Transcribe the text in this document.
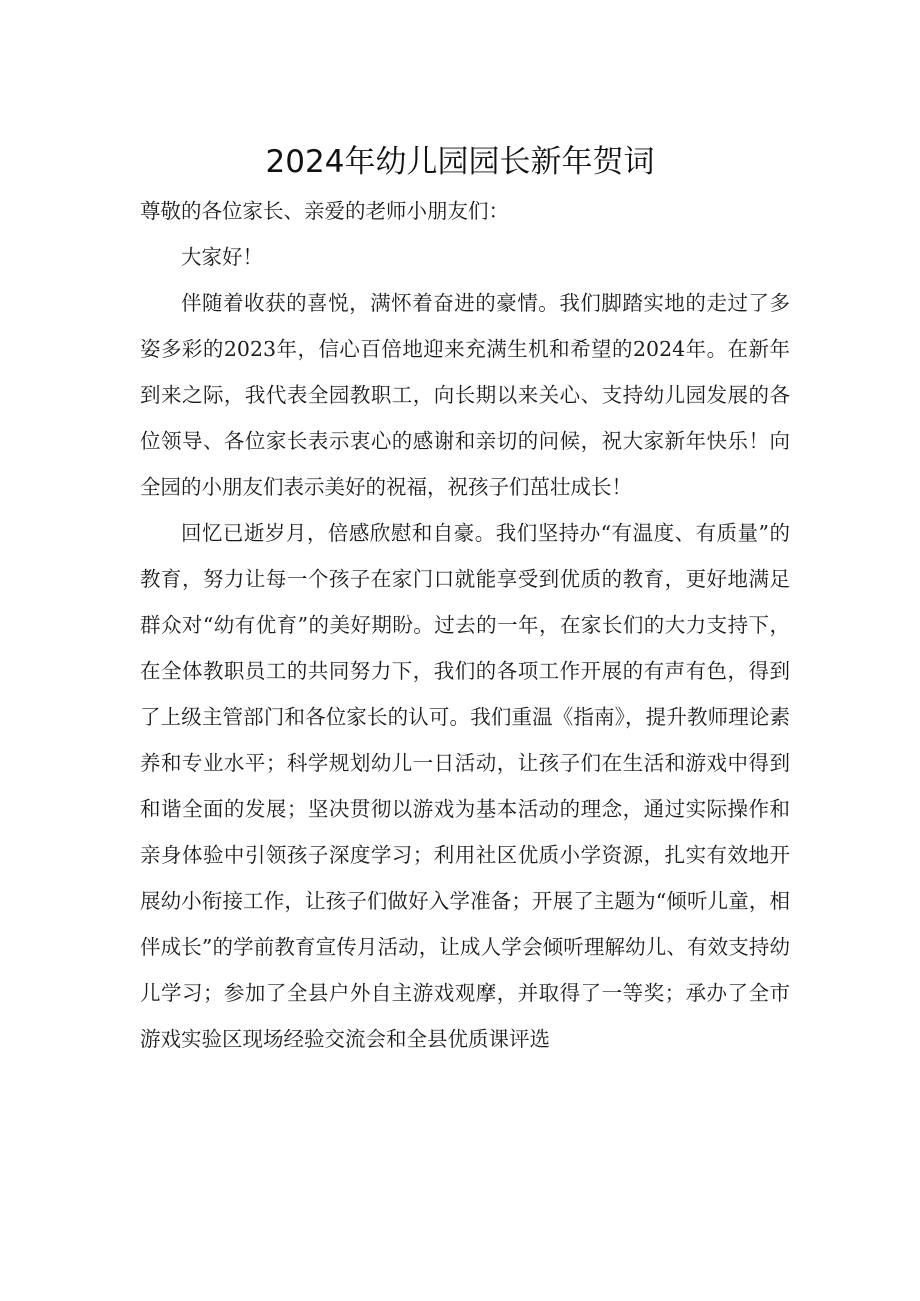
2024年幼儿园园长新年贺词

尊敬的各位家长、亲爱的老师小朋友们：

大家好！

伴随着收获的喜悦，满怀着奋进的豪情。我们脚踏实地的走过了多姿多彩的2023年，信心百倍地迎来充满生机和希望的2024年。在新年到来之际，我代表全园教职工，向长期以来关心、支持幼儿园发展的各位领导、各位家长表示衷心的感谢和亲切的问候，祝大家新年快乐！向全园的小朋友们表示美好的祝福，祝孩子们茁壮成长！

回忆已逝岁月，倍感欣慰和自豪。我们坚持办“有温度、有质量”的教育，努力让每一个孩子在家门口就能享受到优质的教育，更好地满足群众对“幼有优育”的美好期盼。过去的一年，在家长们的大力支持下，在全体教职员工的共同努力下，我们的各项工作开展的有声有色，得到了上级主管部门和各位家长的认可。我们重温《指南》，提升教师理论素养和专业水平；科学规划幼儿一日活动，让孩子们在生活和游戏中得到和谐全面的发展；坚决贯彻以游戏为基本活动的理念，通过实际操作和亲身体验中引领孩子深度学习；利用社区优质小学资源，扎实有效地开展幼小衔接工作，让孩子们做好入学准备；开展了主题为“倾听儿童，相伴成长”的学前教育宣传月活动，让成人学会倾听理解幼儿、有效支持幼儿学习；参加了全县户外自主游戏观摩，并取得了一等奖；承办了全市游戏实验区现场经验交流会和全县优质课评选
